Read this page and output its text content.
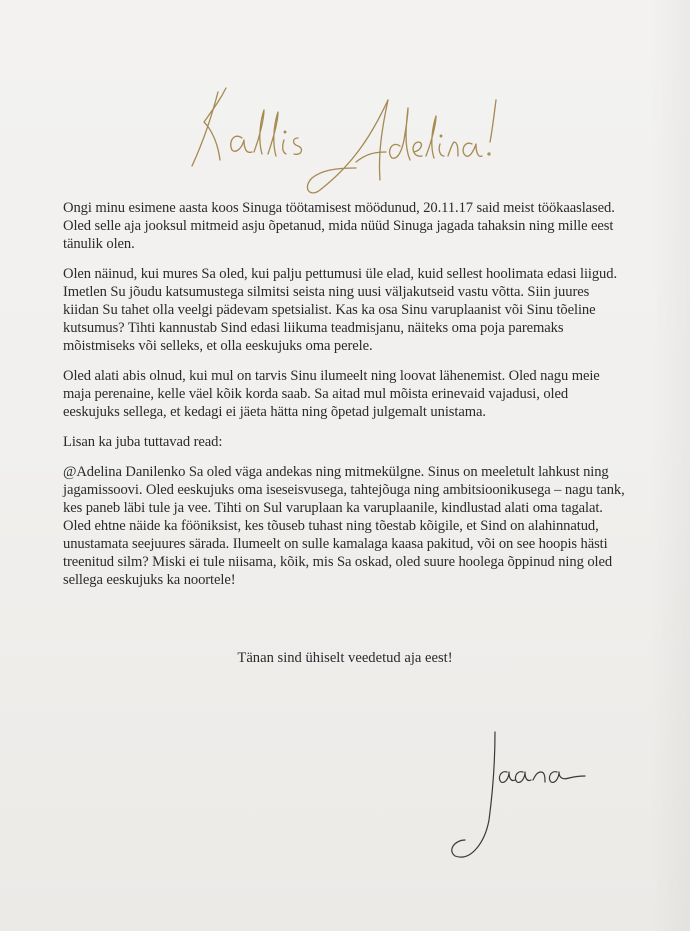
Ongi minu esimene aasta koos Sinuga töötamisest möödunud, 20.11.17 said meist töökaaslased. Oled selle aja jooksul mitmeid asju õpetanud, mida nüüd Sinuga jagada tahaksin ning mille eest tänulik olen.

Olen näinud, kui mures Sa oled, kui palju pettumusi üle elad, kuid sellest hoolimata edasi liigud. Imetlen Su jõudu katsumustega silmitsi seista ning uusi väljakutseid vastu võtta. Siin juures kiidan Su tahet olla veelgi pädevam spetsialist. Kas ka osa Sinu varuplaanist või Sinu tõeline kutsumus? Tihti kannustab Sind edasi liikuma teadmisjanu, näiteks oma poja paremaks mõistmiseks või selleks, et olla eeskujuks oma perele.

Oled alati abis olnud, kui mul on tarvis Sinu ilumeelt ning loovat lähenemist. Oled nagu meie maja perenaine, kelle väel kõik korda saab. Sa aitad mul mõista erinevaid vajadusi, oled eeskujuks sellega, et kedagi ei jäeta hätta ning õpetad julgemalt unistama.

Lisan ka juba tuttavad read:

@Adelina Danilenko Sa oled väga andekas ning mitmekülgne. Sinus on meeletult lahkust ning jagamissoovi. Oled eeskujuks oma iseseisvusega, tahtejõuga ning ambitsioonikusega – nagu tank, kes paneb läbi tule ja vee. Tihti on Sul varuplaan ka varuplaanile, kindlustad alati oma tagalat. Oled ehtne näide ka fööniksist, kes tõuseb tuhast ning tõestab kõigile, et Sind on alahinnatud, unustamata seejuures särada. Ilumeelt on sulle kamalaga kaasa pakitud, või on see hoopis hästi treenitud silm? Miski ei tule niisama, kõik, mis Sa oskad, oled suure hoolega õppinud ning oled sellega eeskujuks ka noortele!

Tänan sind ühiselt veedetud aja eest!
